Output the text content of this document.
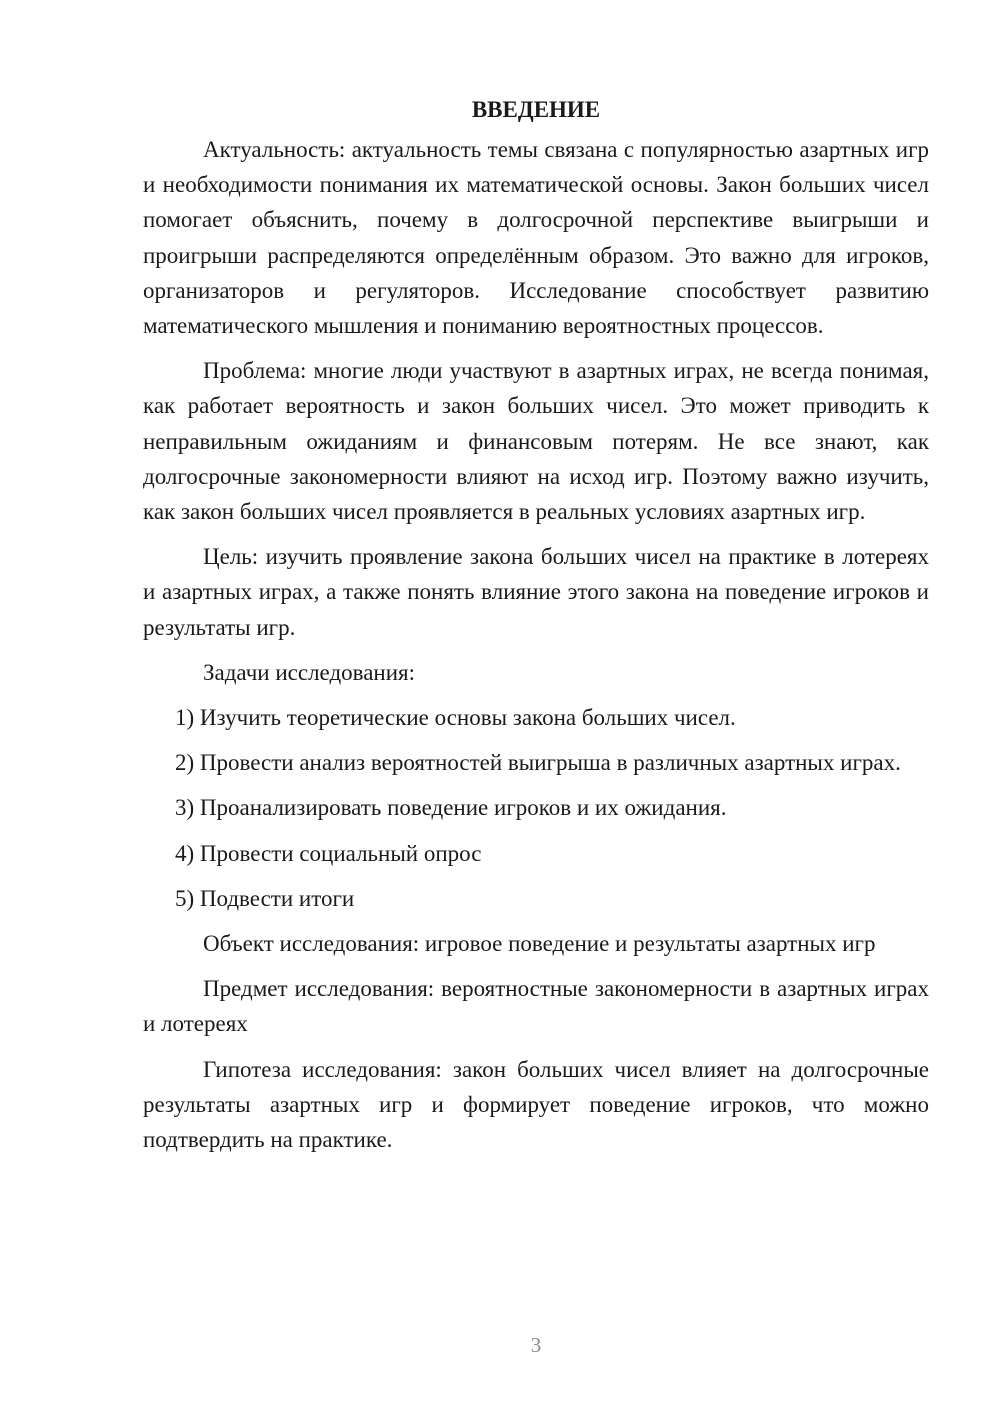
ВВЕДЕНИЕ

Актуальность: актуальность темы связана с популярностью азартных игр и необходимости понимания их математической основы. Закон больших чисел помогает объяснить, почему в долгосрочной перспективе выигрыши и проигрыши распределяются определённым образом. Это важно для игроков, организаторов и регуляторов. Исследование способствует развитию математического мышления и пониманию вероятностных процессов.

Проблема: многие люди участвуют в азартных играх, не всегда понимая, как работает вероятность и закон больших чисел. Это может приводить к неправильным ожиданиям и финансовым потерям. Не все знают, как долгосрочные закономерности влияют на исход игр. Поэтому важно изучить, как закон больших чисел проявляется в реальных условиях азартных игр.

Цель: изучить проявление закона больших чисел на практике в лотереях и азартных играх, а также понять влияние этого закона на поведение игроков и результаты игр.

Задачи исследования:

1) Изучить теоретические основы закона больших чисел.

2) Провести анализ вероятностей выигрыша в различных азартных играх.

3) Проанализировать поведение игроков и их ожидания.

4) Провести социальный опрос

5) Подвести итоги

Объект исследования: игровое поведение и результаты азартных игр

Предмет исследования: вероятностные закономерности в азартных играх и лотереях

Гипотеза исследования: закон больших чисел влияет на долгосрочные результаты азартных игр и формирует поведение игроков, что можно подтвердить на практике.

3
